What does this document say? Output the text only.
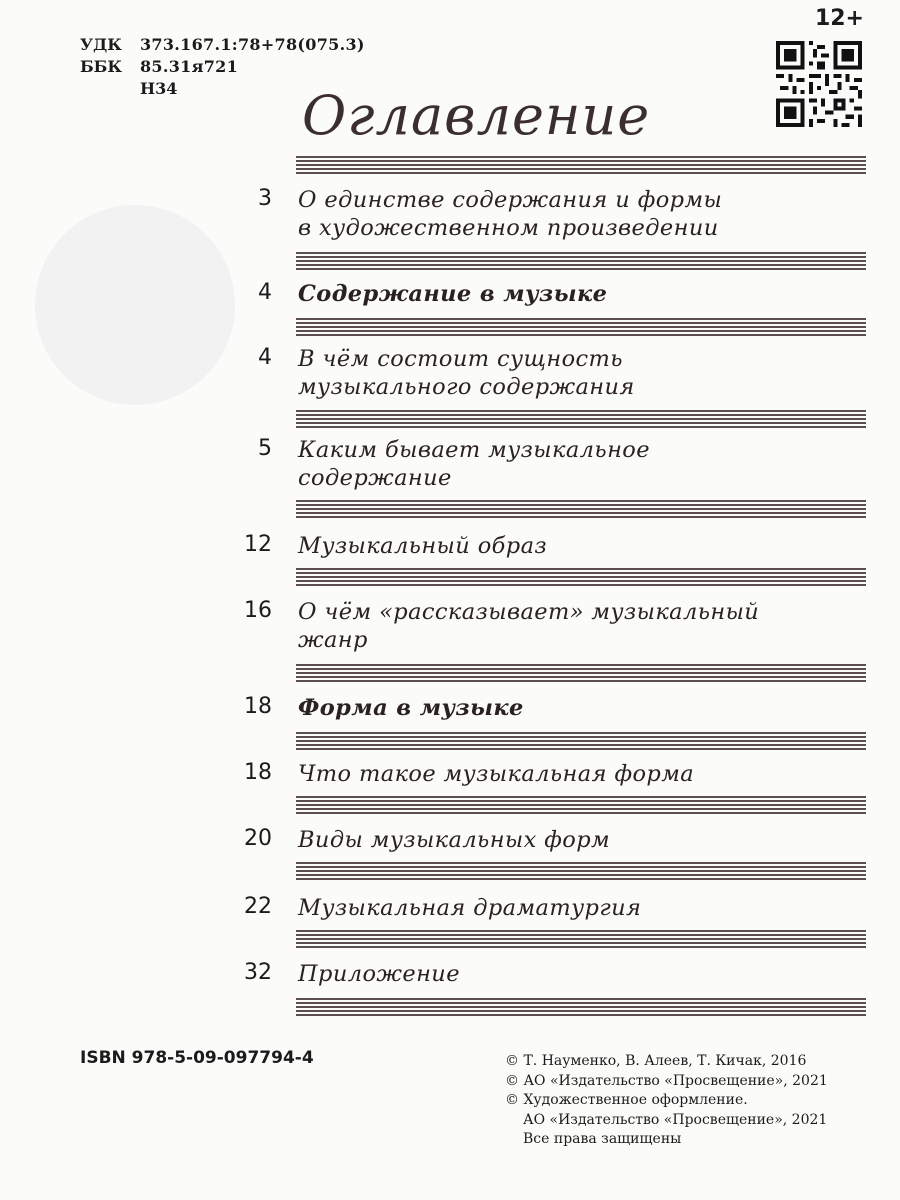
УДК	373.167.1:78+78(075.3)
ББК	85.31я721
Н34
12+
Оглавление
3 О единстве содержания и формы
в художественном произведении
4 Содержание в музыке
4 В чём состоит сущность
музыкального содержания
5 Каким бывает музыкальное
содержание
12 Музыкальный образ
16 О чём «рассказывает» музыкальный
жанр
18 Форма в музыке
18 Что такое музыкальная форма
20 Виды музыкальных форм
22 Музыкальная драматургия
32 Приложение
ISBN 978-5-09-097794-4	© Т. Науменко, В. Алеев, Т. Кичак, 2016
© АО «Издательство «Просвещение», 2021
© Художественное оформление.
АО «Издательство «Просвещение», 2021
Все права защищены
